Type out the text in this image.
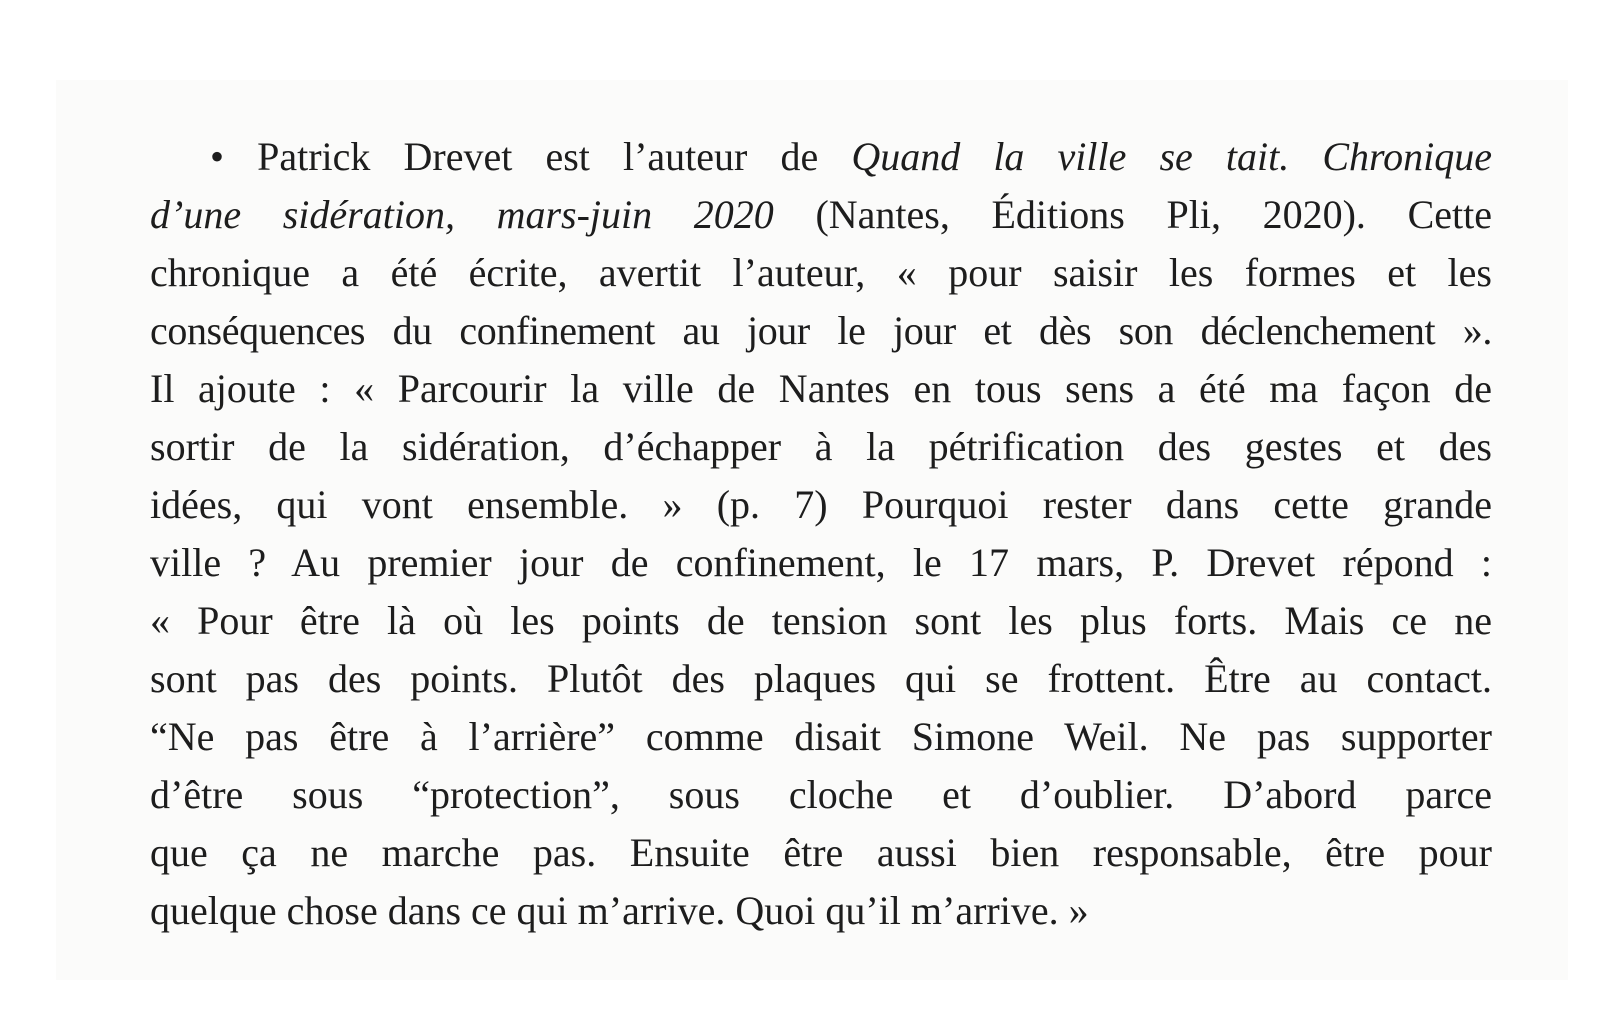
• Patrick Drevet est l’auteur de Quand la ville se tait. Chronique
d’une sidération, mars-juin 2020 (Nantes, Éditions Pli, 2020). Cette
chronique a été écrite, avertit l’auteur, « pour saisir les formes et les
conséquences du confinement au jour le jour et dès son déclenchement ».
Il ajoute : « Parcourir la ville de Nantes en tous sens a été ma façon de
sortir de la sidération, d’échapper à la pétrification des gestes et des
idées, qui vont ensemble. » (p. 7) Pourquoi rester dans cette grande
ville ? Au premier jour de confinement, le 17 mars, P. Drevet répond :
« Pour être là où les points de tension sont les plus forts. Mais ce ne
sont pas des points. Plutôt des plaques qui se frottent. Être au contact.
“Ne pas être à l’arrière” comme disait Simone Weil. Ne pas supporter
d’être sous “protection”, sous cloche et d’oublier. D’abord parce
que ça ne marche pas. Ensuite être aussi bien responsable, être pour
quelque chose dans ce qui m’arrive. Quoi qu’il m’arrive. »
